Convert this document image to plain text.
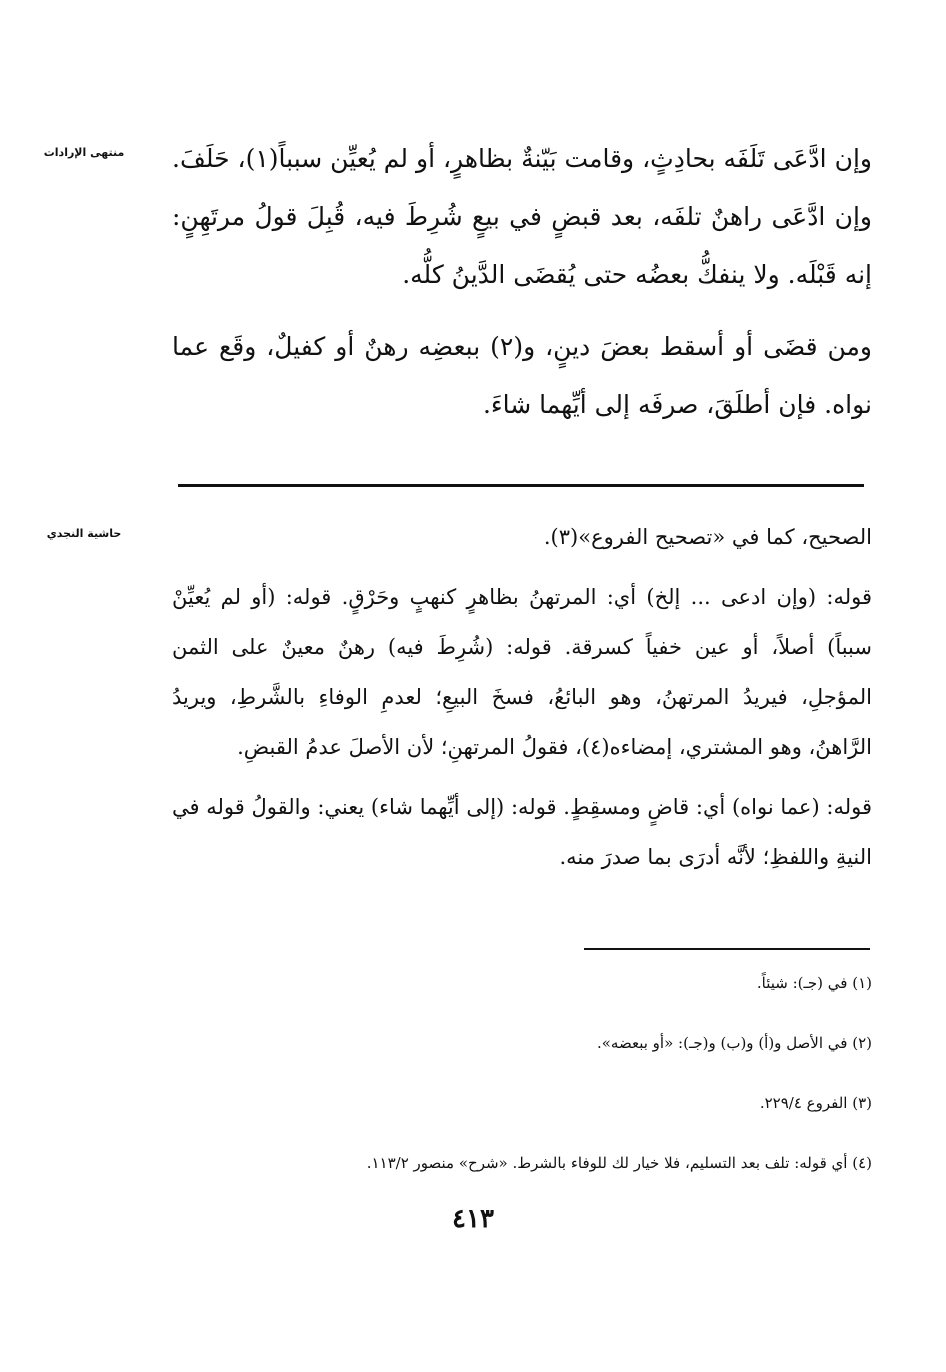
منتهى الإرادات	وإن ادَّعَى تَلَفَه بحادِثٍ، وقامت بَيّنةٌ بظاهرٍ، أو لم يُعيِّن سبباً(١)، حَلَفَ. وإن ادَّعَى راهنٌ تلفَه، بعد قبضٍ في بيعٍ شُرِطَ فيه، قُبِلَ قولُ مرتَهِنٍ: إنه قَبْلَه. ولا ينفكُّ بعضُه حتى يُقضَى الدَّينُ كلُّه.

ومن قضَى أو أسقط بعضَ دينٍ، و(٢) ببعضِه رهنٌ أو كفيلٌ، وقَع عما نواه. فإن أطلَقَ، صرفَه إلى أيِّهما شاءَ.

حاشية النجدي	الصحيح، كما في «تصحيح الفروع»(٣).

قوله: (وإن ادعى ... إلخ) أي: المرتهنُ بظاهرٍ كنهبٍ وحَرْقٍ. قوله: (أو لم يُعيِّنْ سبباً) أصلاً، أو عين خفياً كسرقة. قوله: (شُرِطَ فيه) رهنٌ معينٌ على الثمن المؤجلِ، فيريدُ المرتهنُ، وهو البائعُ، فسخَ البيعِ؛ لعدمِ الوفاءِ بالشَّرطِ، ويريدُ الرَّاهنُ، وهو المشتري، إمضاءه(٤)، فقولُ المرتهنِ؛ لأن الأصلَ عدمُ القبضِ.

قوله: (عما نواه) أي: قاضٍ ومسقِطٍ. قوله: (إلى أيِّهما شاء) يعني: والقولُ قوله في النيةِ واللفظِ؛ لأنَّه أدرَى بما صدرَ منه.

(١) في (جـ): شيئاً.
(٢) في الأصل و(أ) و(ب) و(جـ): «أو ببعضه».
(٣) الفروع ٢٢٩/٤.
(٤) أي قوله: تلف بعد التسليم، فلا خيار لك للوفاء بالشرط. «شرح» منصور ١١٣/٢.
٤١٣
